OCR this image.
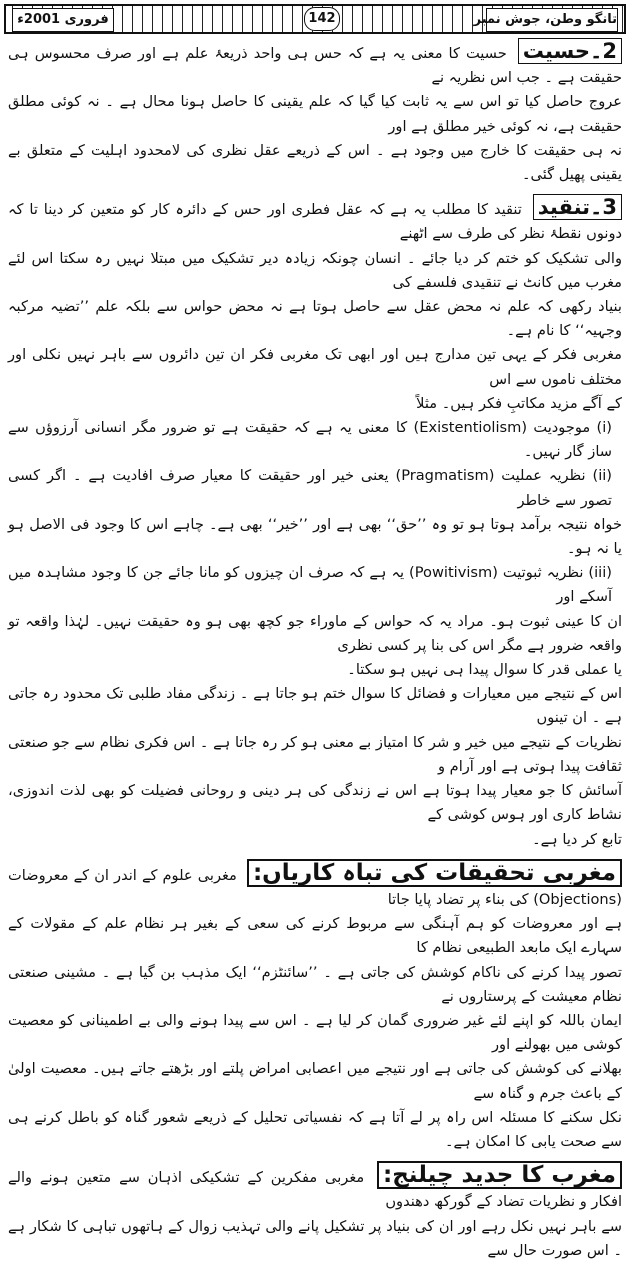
فروری 2001ء	142	تانگو وطن، جوش نمبر

2۔حسیت حسیت کا معنی یہ ہے کہ حس ہی واحد ذریعۂ علم ہے اور صرف محسوس ہی حقیقت ہے ۔ جب اس نظریہ نے

عروج حاصل کیا تو اس سے یہ ثابت کیا گیا کہ علم یقینی کا حاصل ہونا محال ہے ۔ نہ کوئی مطلق حقیقت ہے، نہ کوئی خیر مطلق ہے اور

نہ ہی حقیقت کا خارج میں وجود ہے ۔ اس کے ذریعے عقل نظری کی لامحدود اہلیت کے متعلق بے یقینی پھیل گئی۔

3۔تنقید تنقید کا مطلب یہ ہے کہ عقل فطری اور حس کے دائرہ کار کو متعین کر دینا تا کہ دونوں نقطۂ نظر کی طرف سے اٹھنے

والی تشکیک کو ختم کر دیا جائے ۔ انسان چونکہ زیادہ دیر تشکیک میں مبتلا نہیں رہ سکتا اس لئے مغرب میں کانٹ نے تنقیدی فلسفے کی

بنیاد رکھی کہ علم نہ محض عقل سے حاصل ہوتا ہے نہ محض حواس سے بلکہ علم ’’تضیہ مرکبہ وجہیہ‘‘ کا نام ہے۔

مغربی فکر کے یہی تین مدارج ہیں اور ابھی تک مغربی فکر ان تین دائروں سے باہر نہیں نکلی اور مختلف ناموں سے اس

کے آگے مزید مکاتبِ فکر ہیں۔ مثلاً

(i) موجودیت (Existentiolism) کا معنی یہ ہے کہ حقیقت ہے تو ضرور مگر انسانی آرزوؤں سے ساز گار نہیں۔

(ii) نظریہ عملیت (Pragmatism) یعنی خیر اور حقیقت کا معیار صرف افادیت ہے ۔ اگر کسی تصور سے خاطر

خواہ نتیجہ برآمد ہوتا ہو تو وہ ’’حق‘‘ بھی ہے اور ’’خیر‘‘ بھی ہے۔ چاہے اس کا وجود فی الاصل ہو یا نہ ہو۔

(iii) نظریہ ثبوتیت (Powitivism) یہ ہے کہ صرف ان چیزوں کو مانا جائے جن کا وجود مشاہدہ میں آسکے اور

ان کا عینی ثبوت ہو۔ مراد یہ کہ حواس کے ماوراء جو کچھ بھی ہو وہ حقیقت نہیں۔ لہٰذا واقعہ تو واقعہ ضرور ہے مگر اس کی بنا پر کسی نظری

یا عملی قدر کا سوال پیدا ہی نہیں ہو سکتا۔

اس کے نتیجے میں معیارات و فضائل کا سوال ختم ہو جاتا ہے ۔ زندگی مفاد طلبی تک محدود رہ جاتی ہے ۔ ان تینوں

نظریات کے نتیجے میں خیر و شر کا امتیاز بے معنی ہو کر رہ جاتا ہے ۔ اس فکری نظام سے جو صنعتی ثقافت پیدا ہوتی ہے اور آرام و

آسائش کا جو معیار پیدا ہوتا ہے اس نے زندگی کی ہر دینی و روحانی فضیلت کو بھی لذت اندوزی، نشاط کاری اور ہوس کوشی کے

تابع کر دیا ہے۔

مغربی تحقیقات کی تباہ کاریاں: مغربی علوم کے اندر ان کے معروضات (Objections) کی بناء پر تضاد پایا جاتا

ہے اور معروضات کو ہم آہنگی سے مربوط کرنے کی سعی کے بغیر ہر نظام علم کے مقولات کے سہارے ایک مابعد الطبیعی نظام کا

تصور پیدا کرنے کی ناکام کوشش کی جاتی ہے ۔ ’’سائنٹزم‘‘ ایک مذہب بن گیا ہے ۔ مشینی صنعتی نظام معیشت کے پرستاروں نے

ایمان باللہ کو اپنے لئے غیر ضروری گمان کر لیا ہے ۔ اس سے پیدا ہونے والی بے اطمینانی کو معصیت کوشی میں بھولنے اور

بھلانے کی کوشش کی جاتی ہے اور نتیجے میں اعصابی امراض پلتے اور بڑھتے جاتے ہیں۔ معصیت اولیٰ کے باعث جرم و گناہ سے

نکل سکنے کا مسئلہ اس راہ پر لے آتا ہے کہ نفسیاتی تحلیل کے ذریعے شعور گناہ کو باطل کرنے ہی سے صحت یابی کا امکان ہے۔

مغرب کا جدید چیلنج: مغربی مفکرین کے تشکیکی اذہان سے متعین ہونے والے افکار و نظریات تضاد کے گورکھ دھندوں

سے باہر نہیں نکل رہے اور ان کی بنیاد پر تشکیل پانے والی تہذیب زوال کے ہاتھوں تباہی کا شکار ہے ۔ اس صورت حال سے
